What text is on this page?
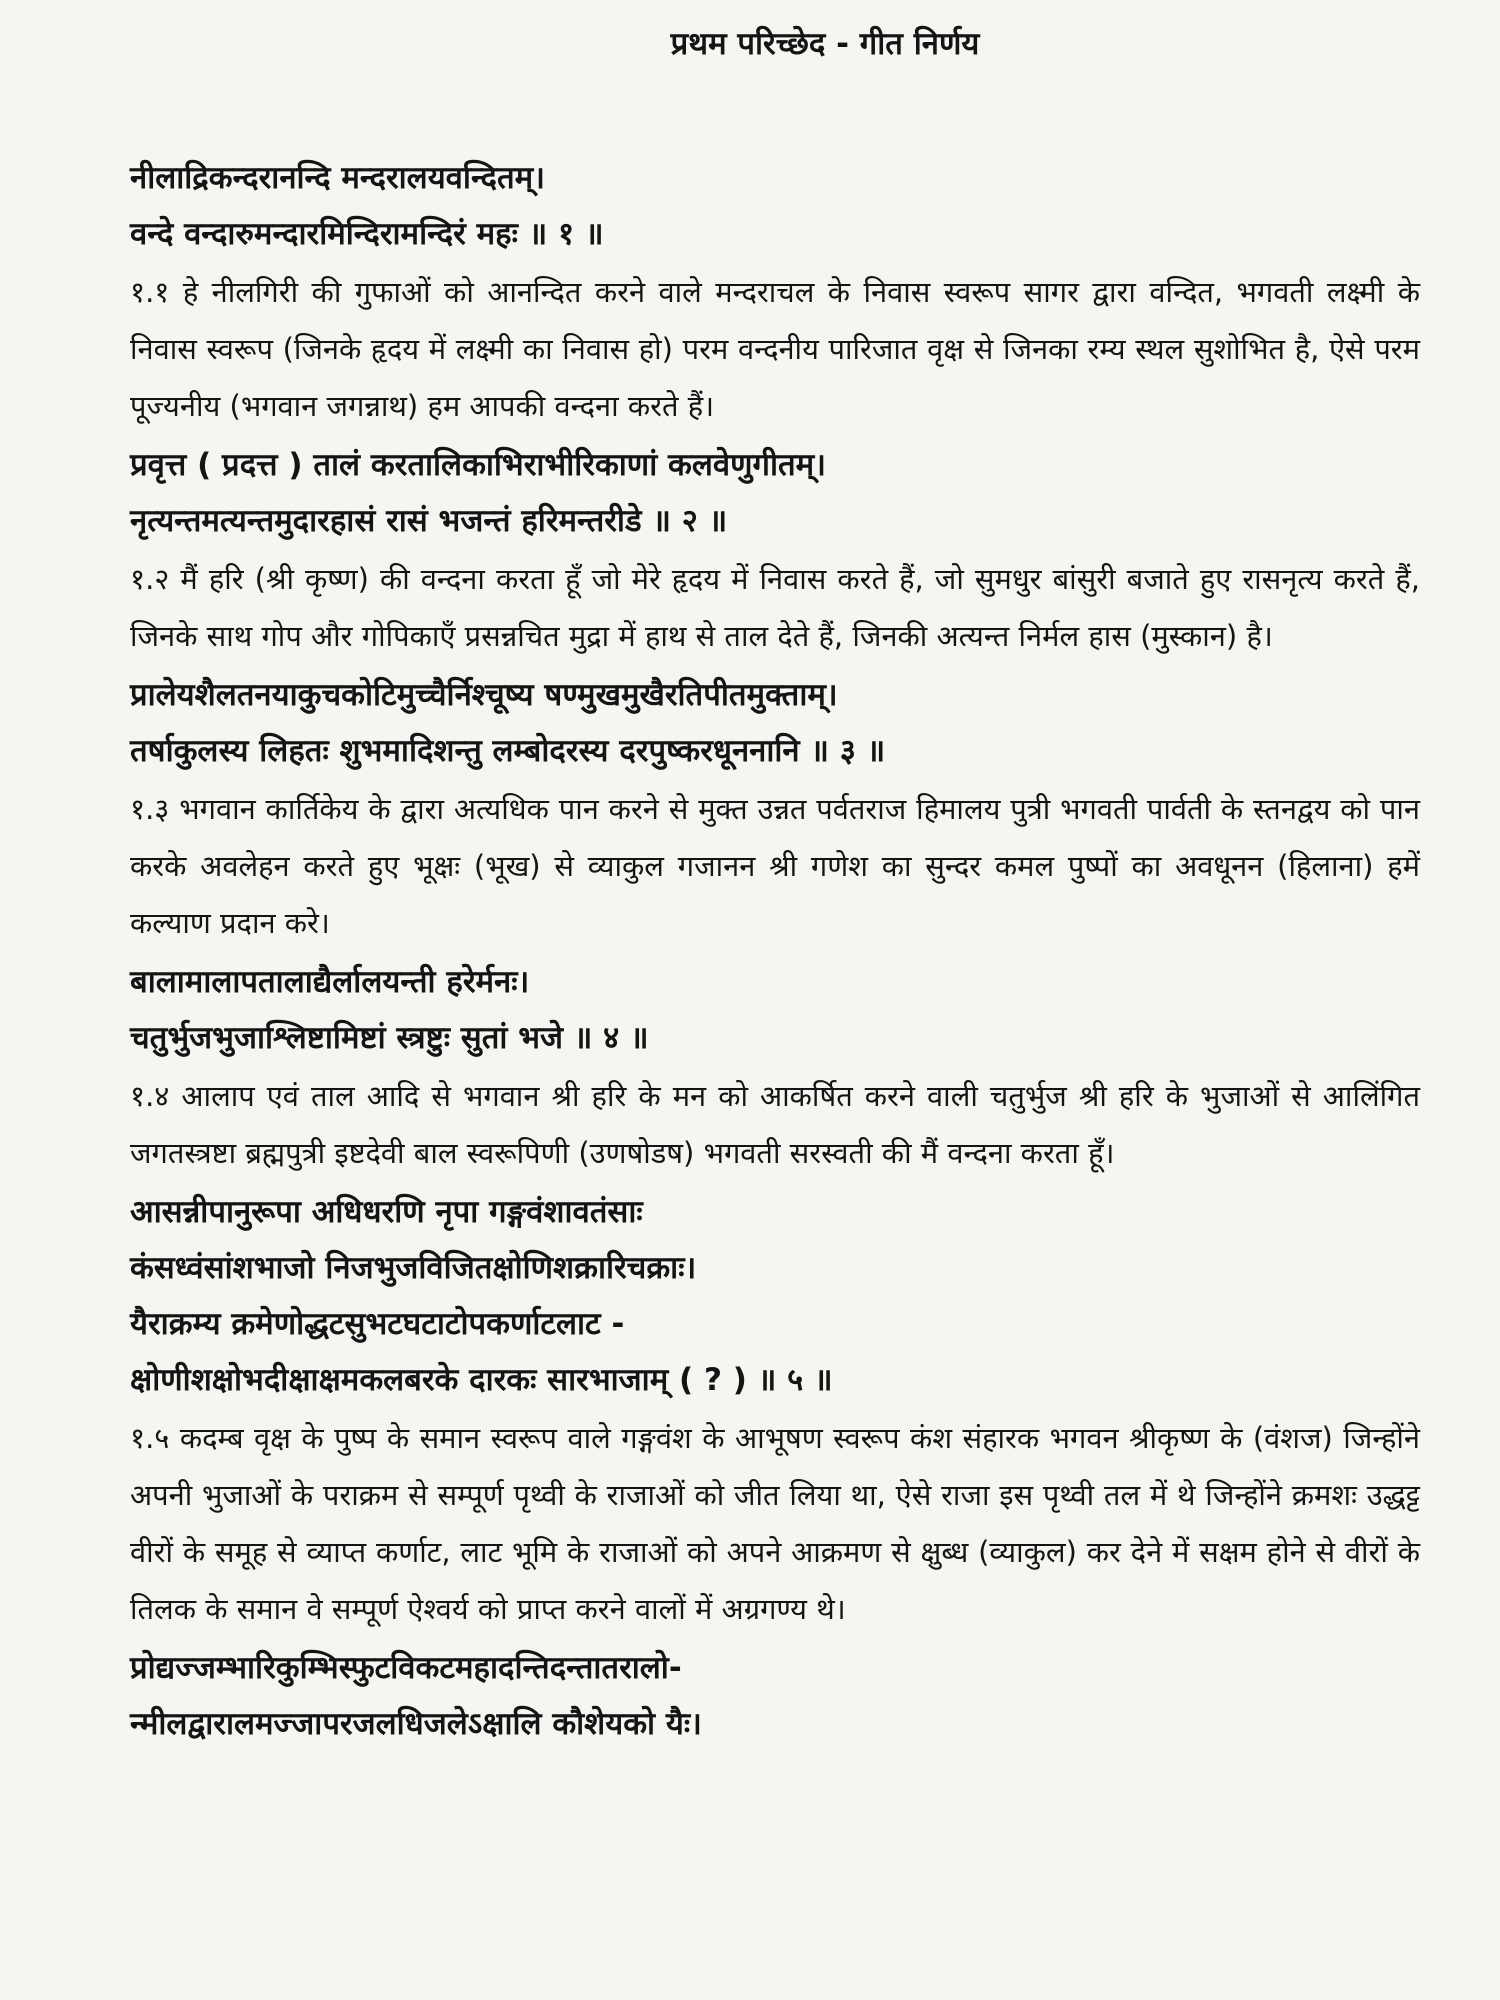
प्रथम परिच्छेद - गीत निर्णय
नीलाद्रिकन्दरानन्दि मन्दरालयवन्दितम्।
वन्दे वन्दारुमन्दारमिन्दिरामन्दिरं महः ॥ १ ॥

१.१ हे नीलगिरी की गुफाओं को आनन्दित करने वाले मन्दराचल के निवास स्वरूप सागर द्वारा वन्दित, भगवती लक्ष्मी के निवास स्वरूप (जिनके हृदय में लक्ष्मी का निवास हो) परम वन्दनीय पारिजात वृक्ष से जिनका रम्य स्थल सुशोभित है, ऐसे परम पूज्यनीय (भगवान जगन्नाथ) हम आपकी वन्दना करते हैं।

प्रवृत्त ( प्रदत्त ) तालं करतालिकाभिराभीरिकाणां कलवेणुगीतम्।
नृत्यन्तमत्यन्तमुदारहासं रासं भजन्तं हरिमन्तरीडे ॥ २ ॥

१.२ मैं हरि (श्री कृष्ण) की वन्दना करता हूँ जो मेरे हृदय में निवास करते हैं, जो सुमधुर बांसुरी बजाते हुए रासनृत्य करते हैं, जिनके साथ गोप और गोपिकाएँ प्रसन्नचित मुद्रा में हाथ से ताल देते हैं, जिनकी अत्यन्त निर्मल हास (मुस्कान) है।

प्रालेयशैलतनयाकुचकोटिमुच्चैर्निश्चूष्य षण्मुखमुखैरतिपीतमुक्ताम्।
तर्षाकुलस्य लिहतः शुभमादिशन्तु लम्बोदरस्य दरपुष्करधूननानि ॥ ३ ॥

१.३ भगवान कार्तिकेय के द्वारा अत्यधिक पान करने से मुक्त उन्नत पर्वतराज हिमालय पुत्री भगवती पार्वती के स्तनद्वय को पान करके अवलेहन करते हुए भूक्षः (भूख) से व्याकुल गजानन श्री गणेश का सुन्दर कमल पुष्पों का अवधूनन (हिलाना) हमें कल्याण प्रदान करे।

बालामालापतालाद्यैर्लालयन्ती हरेर्मनः।
चतुर्भुजभुजाश्लिष्टामिष्टां स्त्रष्टुः सुतां भजे ॥ ४ ॥

१.४ आलाप एवं ताल आदि से भगवान श्री हरि के मन को आकर्षित करने वाली चतुर्भुज श्री हरि के भुजाओं से आलिंगित जगतस्त्रष्टा ब्रह्मपुत्री इष्टदेवी बाल स्वरूपिणी (उणषोडष) भगवती सरस्वती की मैं वन्दना करता हूँ।

आसन्नीपानुरूपा अधिधरणि नृपा गङ्गवंशावतंसाः
कंसध्वंसांशभाजो निजभुजविजितक्षोणिशक्रारिचक्राः।
यैराक्रम्य क्रमेणोद्धटसुभटघटाटोपकर्णाटलाट -
क्षोणीशक्षोभदीक्षाक्षमकलबरके दारकः सारभाजाम् ( ? ) ॥ ५ ॥

१.५ कदम्ब वृक्ष के पुष्प के समान स्वरूप वाले गङ्गवंश के आभूषण स्वरूप कंश संहारक भगवन श्रीकृष्ण के (वंशज) जिन्होंने अपनी भुजाओं के पराक्रम से सम्पूर्ण पृथ्वी के राजाओं को जीत लिया था, ऐसे राजा इस पृथ्वी तल में थे जिन्होंने क्रमशः उद्धट्ट वीरों के समूह से व्याप्त कर्णाट, लाट भूमि के राजाओं को अपने आक्रमण से क्षुब्ध (व्याकुल) कर देने में सक्षम होने से वीरों के तिलक के समान वे सम्पूर्ण ऐश्वर्य को प्राप्त करने वालों में अग्रगण्य थे।

प्रोद्यज्जम्भारिकुम्भिस्फुटविकटमहादन्तिदन्तातरालो-
न्मीलद्वारालमज्जापरजलधिजलेऽक्षालि कौशेयको यैः।
